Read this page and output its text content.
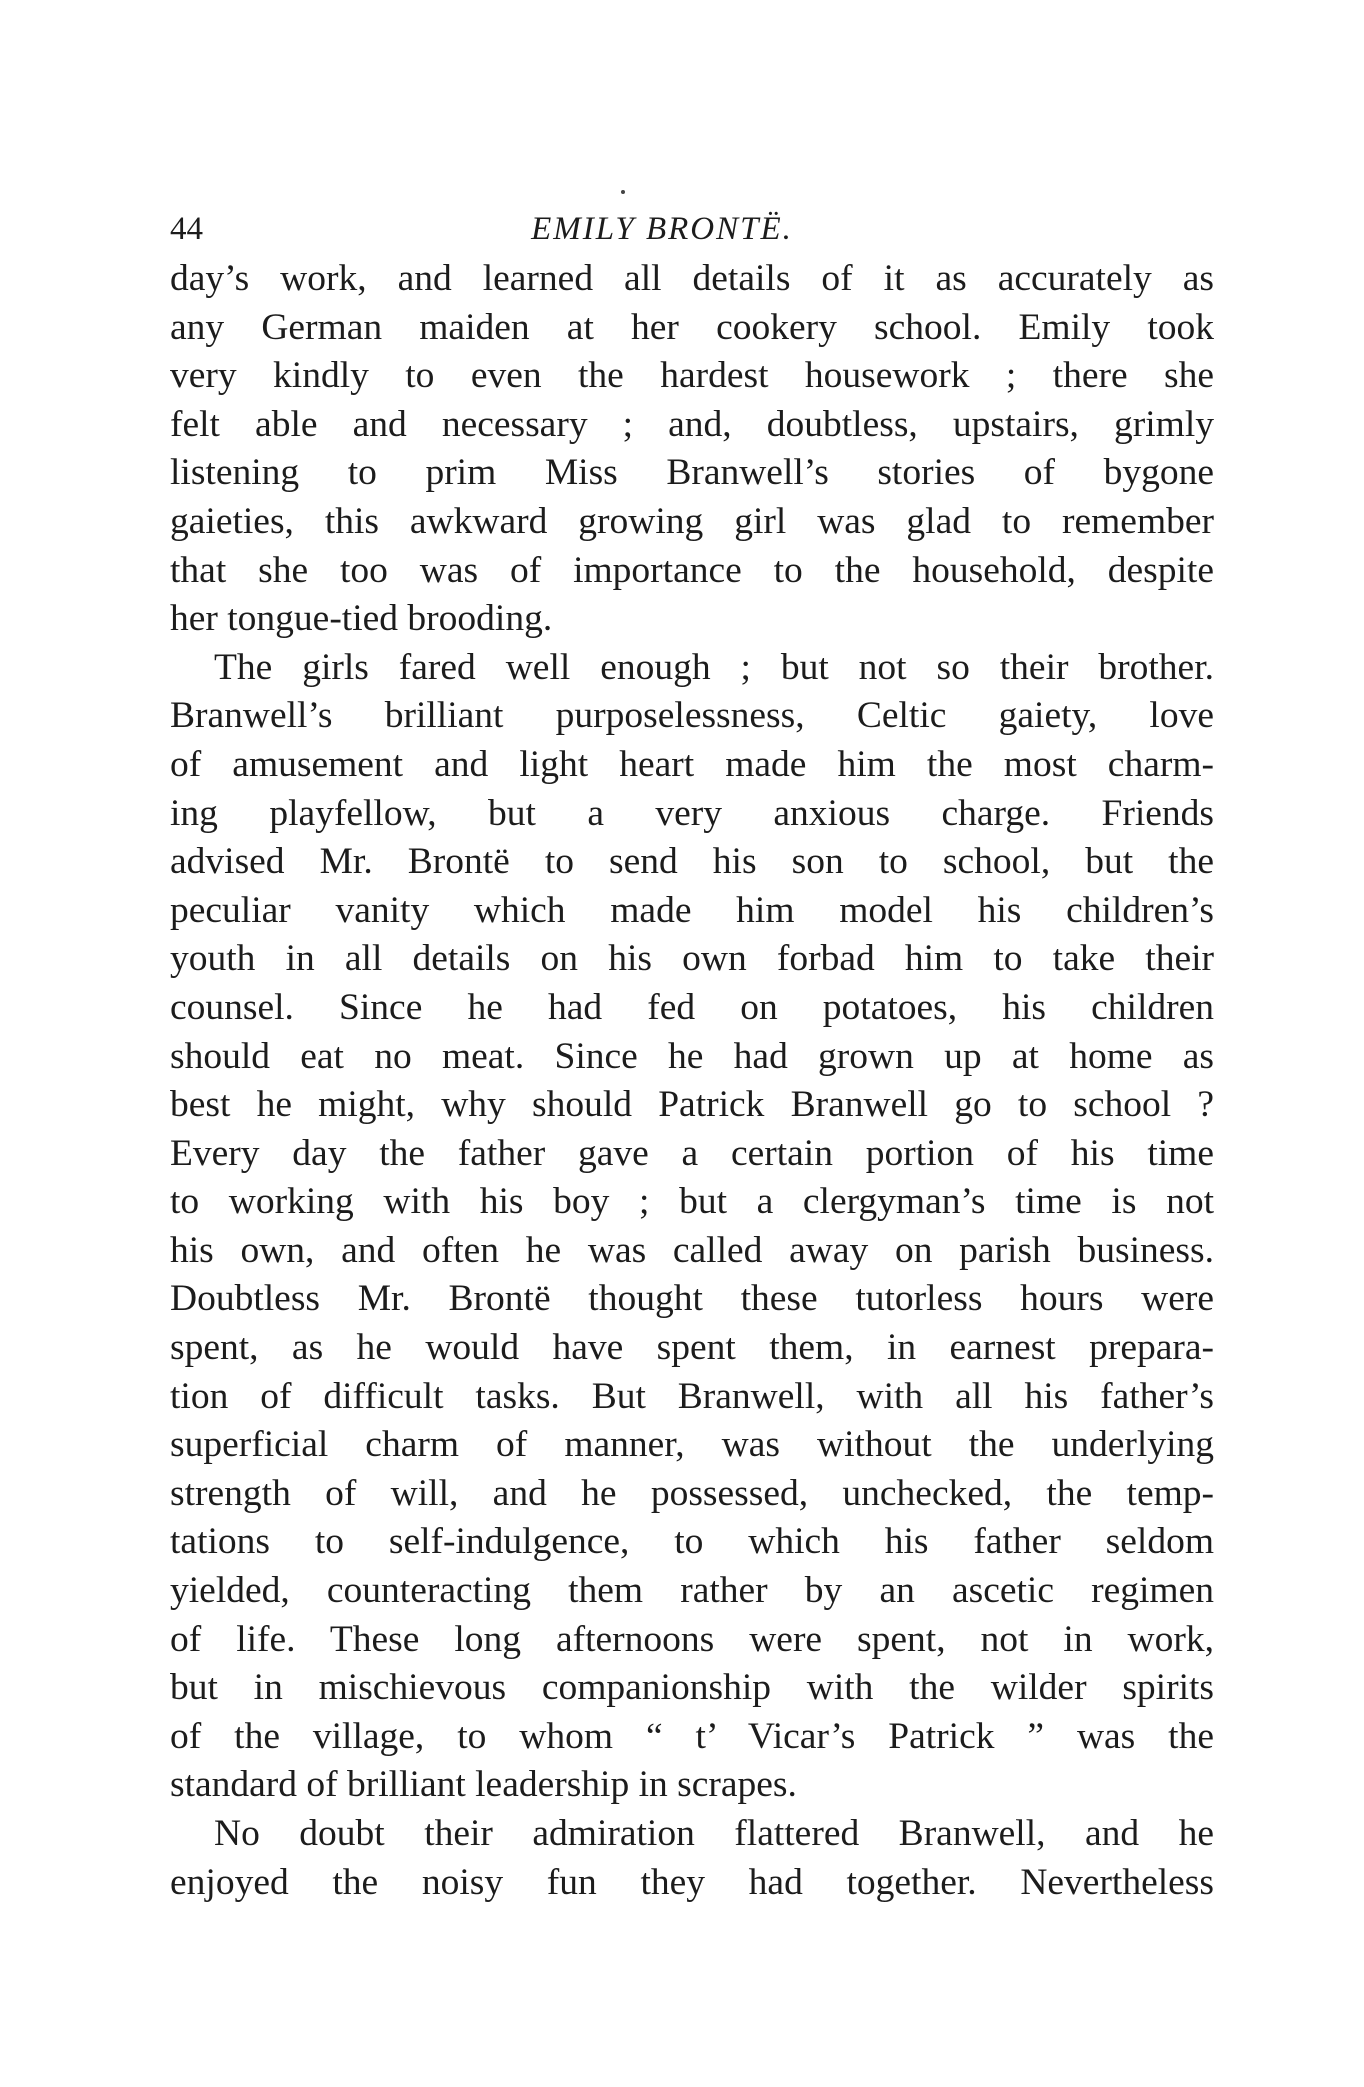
44	EMILY BRONTË.
day’s work, and learned all details of it as accurately as
any German maiden at her cookery school. Emily took
very kindly to even the hardest housework ; there she
felt able and necessary ; and, doubtless, upstairs, grimly
listening to prim Miss Branwell’s stories of bygone
gaieties, this awkward growing girl was glad to remember
that she too was of importance to the household, despite
her tongue-tied brooding.
The girls fared well enough ; but not so their brother.
Branwell’s brilliant purposelessness, Celtic gaiety, love
of amusement and light heart made him the most charm-
ing playfellow, but a very anxious charge. Friends
advised Mr. Brontë to send his son to school, but the
peculiar vanity which made him model his children’s
youth in all details on his own forbad him to take their
counsel. Since he had fed on potatoes, his children
should eat no meat. Since he had grown up at home as
best he might, why should Patrick Branwell go to school ?
Every day the father gave a certain portion of his time
to working with his boy ; but a clergyman’s time is not
his own, and often he was called away on parish business.
Doubtless Mr. Brontë thought these tutorless hours were
spent, as he would have spent them, in earnest prepara-
tion of difficult tasks. But Branwell, with all his father’s
superficial charm of manner, was without the underlying
strength of will, and he possessed, unchecked, the temp-
tations to self-indulgence, to which his father seldom
yielded, counteracting them rather by an ascetic regimen
of life. These long afternoons were spent, not in work,
but in mischievous companionship with the wilder spirits
of the village, to whom “ t’ Vicar’s Patrick ” was the
standard of brilliant leadership in scrapes.
No doubt their admiration flattered Branwell, and he
enjoyed the noisy fun they had together. Nevertheless
